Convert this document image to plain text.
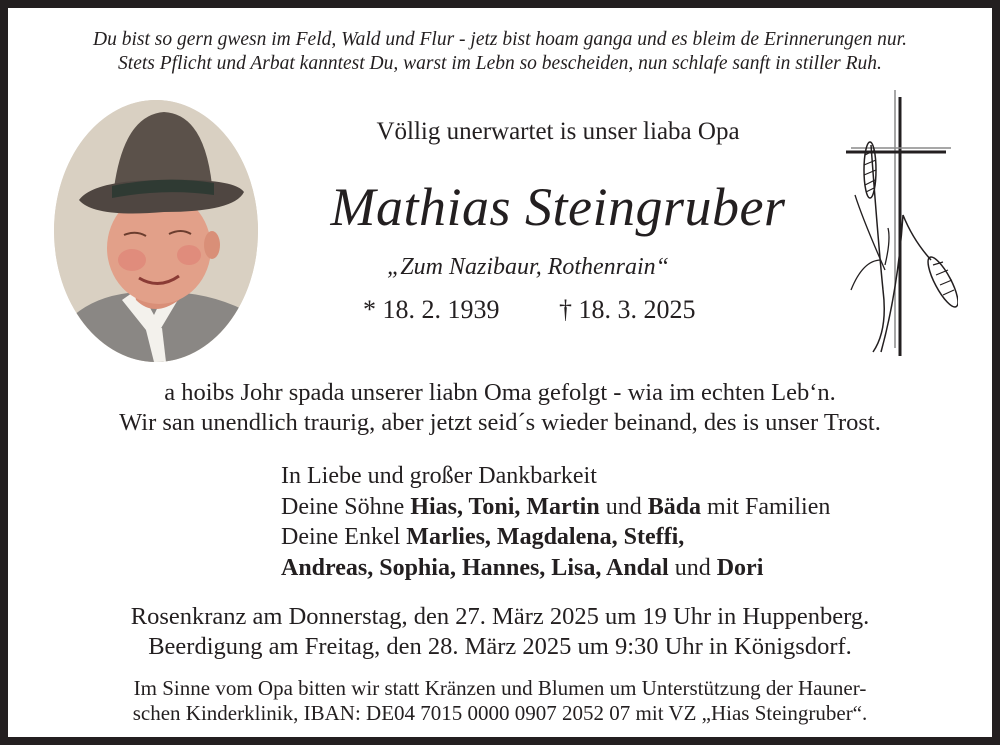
Du bist so gern gwesn im Feld, Wald und Flur - jetz bist hoam ganga und es bleim de Erinnerungen nur.
Stets Pflicht und Arbat kanntest Du, warst im Lebn so bescheiden, nun schlafe sanft in stiller Ruh.
Völlig unerwartet is unser liaba Opa
Mathias Steingruber
„Zum Nazibaur, Rothenrain“
* 18. 2. 1939 † 18. 3. 2025
a hoibs Johr spada unserer liabn Oma gefolgt - wia im echten Leb‘n.
Wir san unendlich traurig, aber jetzt seid´s wieder beinand, des is unser Trost.
In Liebe und großer Dankbarkeit
Deine Söhne Hias, Toni, Martin und Bäda mit Familien
Deine Enkel Marlies, Magdalena, Steffi,
Andreas, Sophia, Hannes, Lisa, Andal und Dori
Rosenkranz am Donnerstag, den 27. März 2025 um 19 Uhr in Huppenberg.
Beerdigung am Freitag, den 28. März 2025 um 9:30 Uhr in Königsdorf.
Im Sinne vom Opa bitten wir statt Kränzen und Blumen um Unterstützung der Hauner-
schen Kinderklinik, IBAN: DE04 7015 0000 0907 2052 07 mit VZ „Hias Steingruber“.
